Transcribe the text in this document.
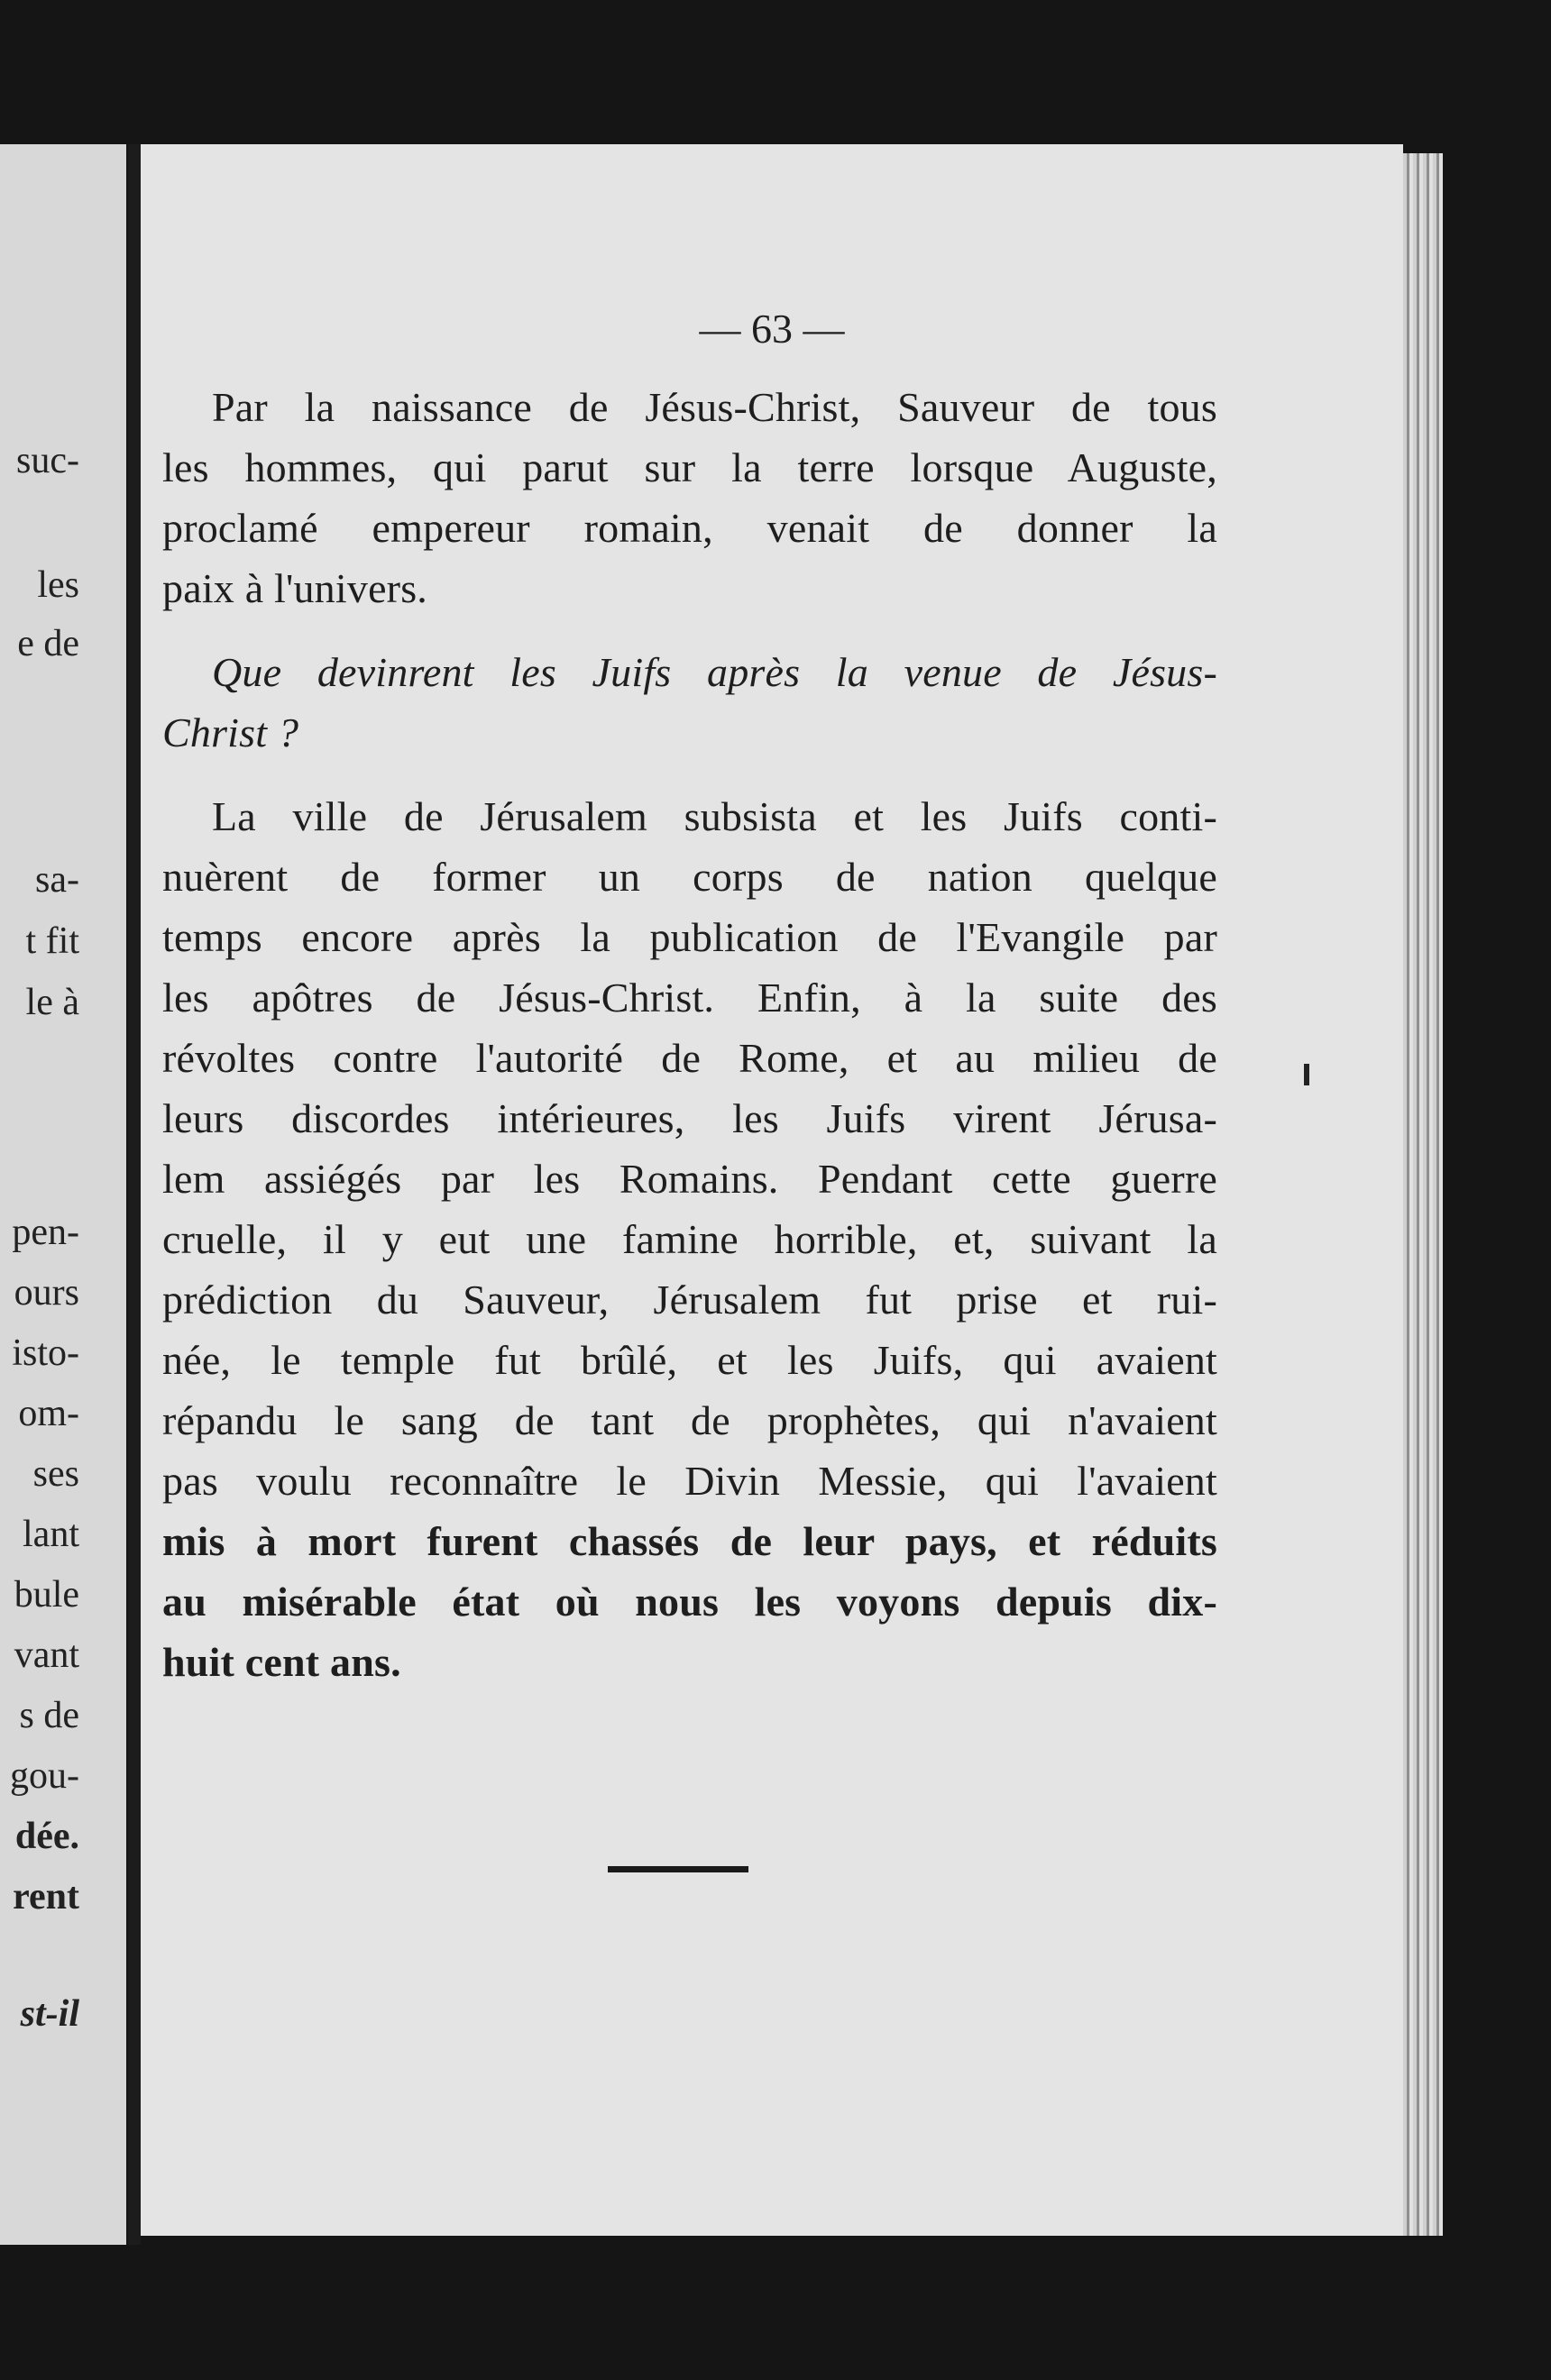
suc-
les
e de
sa-
t fit
le à
pen-
ours
isto-
om-
ses
lant
bule
vant
s de
gou-
dée.
rent
st-il
— 63 —
Par la naissance de Jésus-Christ, Sauveur de tous
les hommes, qui parut sur la terre lorsque Auguste,
proclamé empereur romain, venait de donner la
paix à l'univers.
Que devinrent les Juifs après la venue de Jésus-
Christ ?
La ville de Jérusalem subsista et les Juifs conti-
nuèrent de former un corps de nation quelque
temps encore après la publication de l'Evangile par
les apôtres de Jésus-Christ. Enfin, à la suite des
révoltes contre l'autorité de Rome, et au milieu de
leurs discordes intérieures, les Juifs virent Jérusa-
lem assiégés par les Romains. Pendant cette guerre
cruelle, il y eut une famine horrible, et, suivant la
prédiction du Sauveur, Jérusalem fut prise et rui-
née, le temple fut brûlé, et les Juifs, qui avaient
répandu le sang de tant de prophètes, qui n'avaient
pas voulu reconnaître le Divin Messie, qui l'avaient
mis à mort furent chassés de leur pays, et réduits
au misérable état où nous les voyons depuis dix-
huit cent ans.
